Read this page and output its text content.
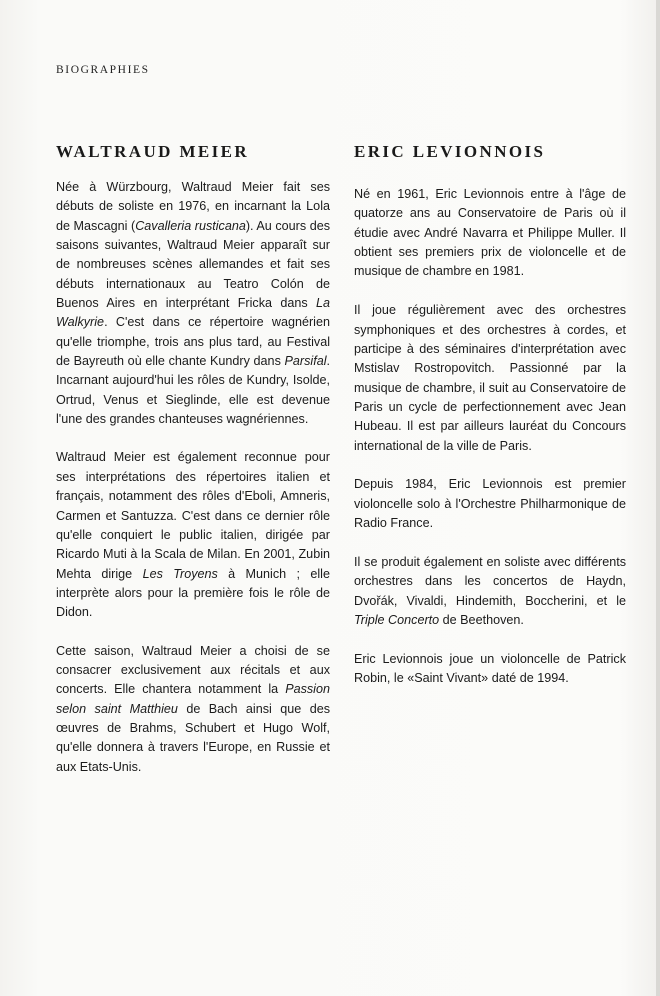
BIOGRAPHIES
WALTRAUD MEIER

Née à Würzbourg, Waltraud Meier fait ses débuts de soliste en 1976, en incarnant la Lola de Mascagni (Cavalleria rusticana). Au cours des saisons suivantes, Waltraud Meier apparaît sur de nombreuses scènes allemandes et fait ses débuts internationaux au Teatro Colón de Buenos Aires en interprétant Fricka dans La Walkyrie. C'est dans ce répertoire wagnérien qu'elle triomphe, trois ans plus tard, au Festival de Bayreuth où elle chante Kundry dans Parsifal. Incarnant aujourd'hui les rôles de Kundry, Isolde, Ortrud, Venus et Sieglinde, elle est devenue l'une des grandes chanteuses wagnériennes.

Waltraud Meier est également reconnue pour ses interprétations des répertoires italien et français, notamment des rôles d'Eboli, Amneris, Carmen et Santuzza. C'est dans ce dernier rôle qu'elle conquiert le public italien, dirigée par Ricardo Muti à la Scala de Milan. En 2001, Zubin Mehta dirige Les Troyens à Munich ; elle interprète alors pour la première fois le rôle de Didon.

Cette saison, Waltraud Meier a choisi de se consacrer exclusivement aux récitals et aux concerts. Elle chantera notamment la Passion selon saint Matthieu de Bach ainsi que des œuvres de Brahms, Schubert et Hugo Wolf, qu'elle donnera à travers l'Europe, en Russie et aux Etats-Unis.

ERIC LEVIONNOIS

Né en 1961, Eric Levionnois entre à l'âge de quatorze ans au Conservatoire de Paris où il étudie avec André Navarra et Philippe Muller. Il obtient ses premiers prix de violoncelle et de musique de chambre en 1981.

Il joue régulièrement avec des orchestres symphoniques et des orchestres à cordes, et participe à des séminaires d'interprétation avec Mstislav Rostropovitch. Passionné par la musique de chambre, il suit au Conservatoire de Paris un cycle de perfectionnement avec Jean Hubeau. Il est par ailleurs lauréat du Concours international de la ville de Paris.

Depuis 1984, Eric Levionnois est premier violoncelle solo à l'Orchestre Philharmonique de Radio France.

Il se produit également en soliste avec différents orchestres dans les concertos de Haydn, Dvořák, Vivaldi, Hindemith, Boccherini, et le Triple Concerto de Beethoven.

Eric Levionnois joue un violoncelle de Patrick Robin, le «Saint Vivant» daté de 1994.
